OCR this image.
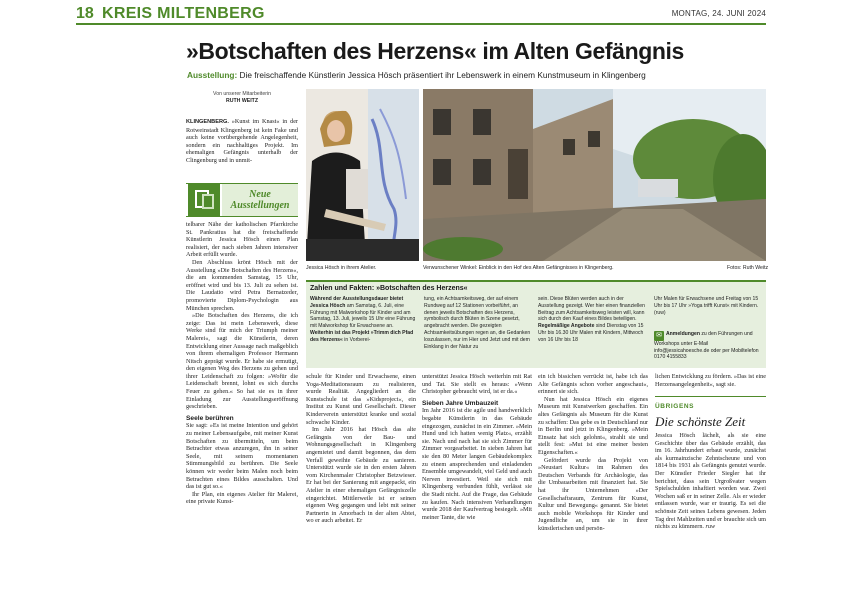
18 KREIS MILTENBERG	MONTAG, 24. JUNI 2024
»Botschaften des Herzens« im Alten Gefängnis
Ausstellung: Die freischaffende Künstlerin Jessica Hösch präsentiert ihr Lebenswerk in einem Kunstmuseum in Klingenberg
Von unserer Mitarbeiterin
RUTH WEITZ

KLINGENBERG. »Kunst im Knast« in der Rotweinstadt Klingenberg ist kein Fake und auch keine vorübergehende Angelegenheit, sondern ein nachhaltiges Projekt. Im ehemaligen Gefängnis unterhalb der Clingenburg und in unmit-

Neue
Ausstellungen

telbarer Nähe der katholischen Pfarrkirche St. Pankratius hat die freischaffende Künstlerin Jessica Hösch einen Plan realisiert, der nach sieben Jahren intensiver Arbeit erfüllt wurde.

Den Abschluss krönt Hösch mit der Ausstellung »Die Botschaften des Herzens«, die am kommenden Samstag, 15 Uhr, eröffnet wird und bis 13. Juli zu sehen ist. Die Laudatio wird Petra Bernatzeder, promovierte Diplom-Psychologin aus München sprechen.

»Die Botschaften des Herzens, die ich zeige: Das ist mein Lebenswerk, diese Werke sind für mich der Triumph meiner Malerei«, sagt die Künstlerin, deren Entwicklung einer Aussage nach maßgeblich von ihrem ehemaligen Professor Hermann Nitsch geprägt wurde. Er habe sie ermutigt, den eigenen Weg des Herzens zu gehen und ihrer Leidenschaft zu folgen: »Wofür die Leidenschaft brennt, lohnt es sich durchs Feuer zu gehen.« So hat sie es in ihrer Einladung zur Ausstellungseröffnung geschrieben.

Seele berühren

Sie sagt: »Es ist meine Intention und gehört zu meiner Lebensaufgabe, mit meiner Kunst Botschaften zu übermitteln, um beim Betrachter etwas anzuregen, ihn in seiner Seele, mit seinem momentanen Stimmungsbild zu berühren. Die Seele können wir weder beim Malen noch beim Betrachten eines Bildes ausschalten. Und das ist gut so.«

Ihr Plan, ein eigenes Atelier für Malerei, eine private Kunst-

Jessica Hösch in ihrem Atelier.	Verwunschener Winkel: Einblick in den Hof des Alten Gefängnisses in Klingenberg.	Fotos: Ruth Weitz
Zahlen und Fakten: »Botschaften des Herzens«
Während der Ausstellungsdauer bietet Jessica Hösch am Samstag, 6. Juli, eine Führung mit Malworkshop für Kinder und am Samstag, 13. Juli, jeweils 15 Uhr eine Führung mit Malworkshop für Erwachsene an. Weiterhin ist das Projekt »Trimm dich Pfad des Herzens« in Vorberei-
tung, ein Achtsamkeitsweg, der auf einem Rundweg auf 12 Stationen vorbeiführt, an denen jeweils Botschaften des Herzens, symbolisch durch Blüten in Szene gesetzt, angebracht werden. Die gezeigten Achtsamkeitsübungen regen an, die Gedanken loszulassen, nur im Hier und Jetzt und mit dem Einklang in der Natur zu
sein. Diese Blüten werden auch in der Ausstellung gezeigt. Wer hier einen finanziellen Beitrag zum Achtsamkeitsweg leisten will, kann sich durch den Kauf eines Bildes beteiligen. Regelmäßige Angebote sind Dienstag von 15 Uhr bis 16.30 Uhr Malen mit Kindern, Mittwoch von 16 Uhr bis 18
Uhr Malen für Erwachsene und Freitag von 15 Uhr bis 17 Uhr »Yoga trifft Kunst« mit Kindern. (ruw)
✉ Anmeldungen zu den Führungen und Workshops unter E-Mail info@jessicahoesche.de oder per Mobiltelefon 0170 4155833

schule für Kinder und Erwachsene, einen Yoga-Meditationsraum zu realisieren, wurde Realität. Angegliedert an die Kunstschule ist das »Kidsproject«, ein Institut zu Kunst und Gesellschaft. Dieser Kinderverein unterstützt kranke und sozial schwache Kinder.

Im Jahr 2016 hat Hösch das alte Gefängnis von der Bau- und Wohnungsgesellschaft in Klingenberg angemietet und damit begonnen, das dem Verfall geweihte Gebäude zu sanieren. Unterstützt wurde sie in den ersten Jahren vom Kirchenmaler Christopher Betzwieser. Er hat bei der Sanierung mit angepackt, ein Atelier in einer ehemaligen Gefängniszelle eingerichtet. Mittlerweile ist er seinen eigenen Weg gegangen und lebt mit seiner Partnerin in Amorbach in der alten Abtei, wo er auch arbeitet. Er

unterstützt Jessica Hösch weiterhin mit Rat und Tat. Sie stellt es heraus: »Wenn Christopher gebraucht wird, ist er da.«

Sieben Jahre Umbauzeit

Im Jahr 2016 ist die agile und handwerklich begabte Künstlerin in das Gebäude eingezogen, zunächst in ein Zimmer. »Mein Hund und ich hatten wenig Platz«, erzählt sie. Nach und nach hat sie sich Zimmer für Zimmer vorgearbeitet. In sieben Jahren hat sie den 80 Meter langen Gebäudekomplex zu einem ansprechenden und einladenden Ensemble umgewandelt, viel Geld und auch Nerven investiert. Weil sie sich mit Klingenberg verbunden fühlt, verlässt sie die Stadt nicht. Auf die Frage, das Gebäude zu kaufen. Nach intensiven Verhandlungen wurde 2018 der Kaufvertrag besiegelt. »Mit meiner Tante, die wie

ein ich bissichen verrückt ist, habe ich das Alte Gefängnis schon vorher angeschaut«, erinnert sie sich.

Nun hat Jessica Hösch ein eigenes Museum mit Kunstwerken geschaffen. Ein altes Gefängnis als Museum für die Kunst zu schaffen: Das gebe es in Deutschland nur in Berlin und jetzt in Klingenberg. »Mein Einsatz hat sich gelohnt«, strahlt sie und stellt fest: »Mut ist eine meiner besten Eigenschaften.«

Gefördert wurde das Projekt von »Neustart Kultur« im Rahmen des Deutschen Verbands für Archäologie, das die Umbauarbeiten mit finanziert hat. Sie hat ihr Unternehmen »Der Gesellschaftsraum, Zentrum für Kunst, Kultur und Bewegung« genannt. Sie bietet auch mobile Workshops für Kinder und Jugendliche an, um sie in ihrer künstlerischen und persön-

lichen Entwicklung zu fördern. »Das ist eine Herzensangelegenheit«, sagt sie.

ÜBRIGENS
Die schönste Zeit

Jessica Hösch lächelt, als sie eine Geschichte über das Gebäude erzählt, das im 16. Jahrhundert erbaut wurde, zunächst als kurmainzische Zehntscheune und von 1814 bis 1931 als Gefängnis genutzt wurde. Der Künstler Frieder Siegler hat ihr berichtet, dass sein Urgroßvater wegen Spielschulden inhaftiert worden war. Zwei Wochen saß er in seiner Zelle. Als er wieder entlassen wurde, war er traurig. Es sei die schönste Zeit seines Lebens gewesen. Jeden Tag drei Mahlzeiten und er brauchte sich um nichts zu kümmern. ruw
